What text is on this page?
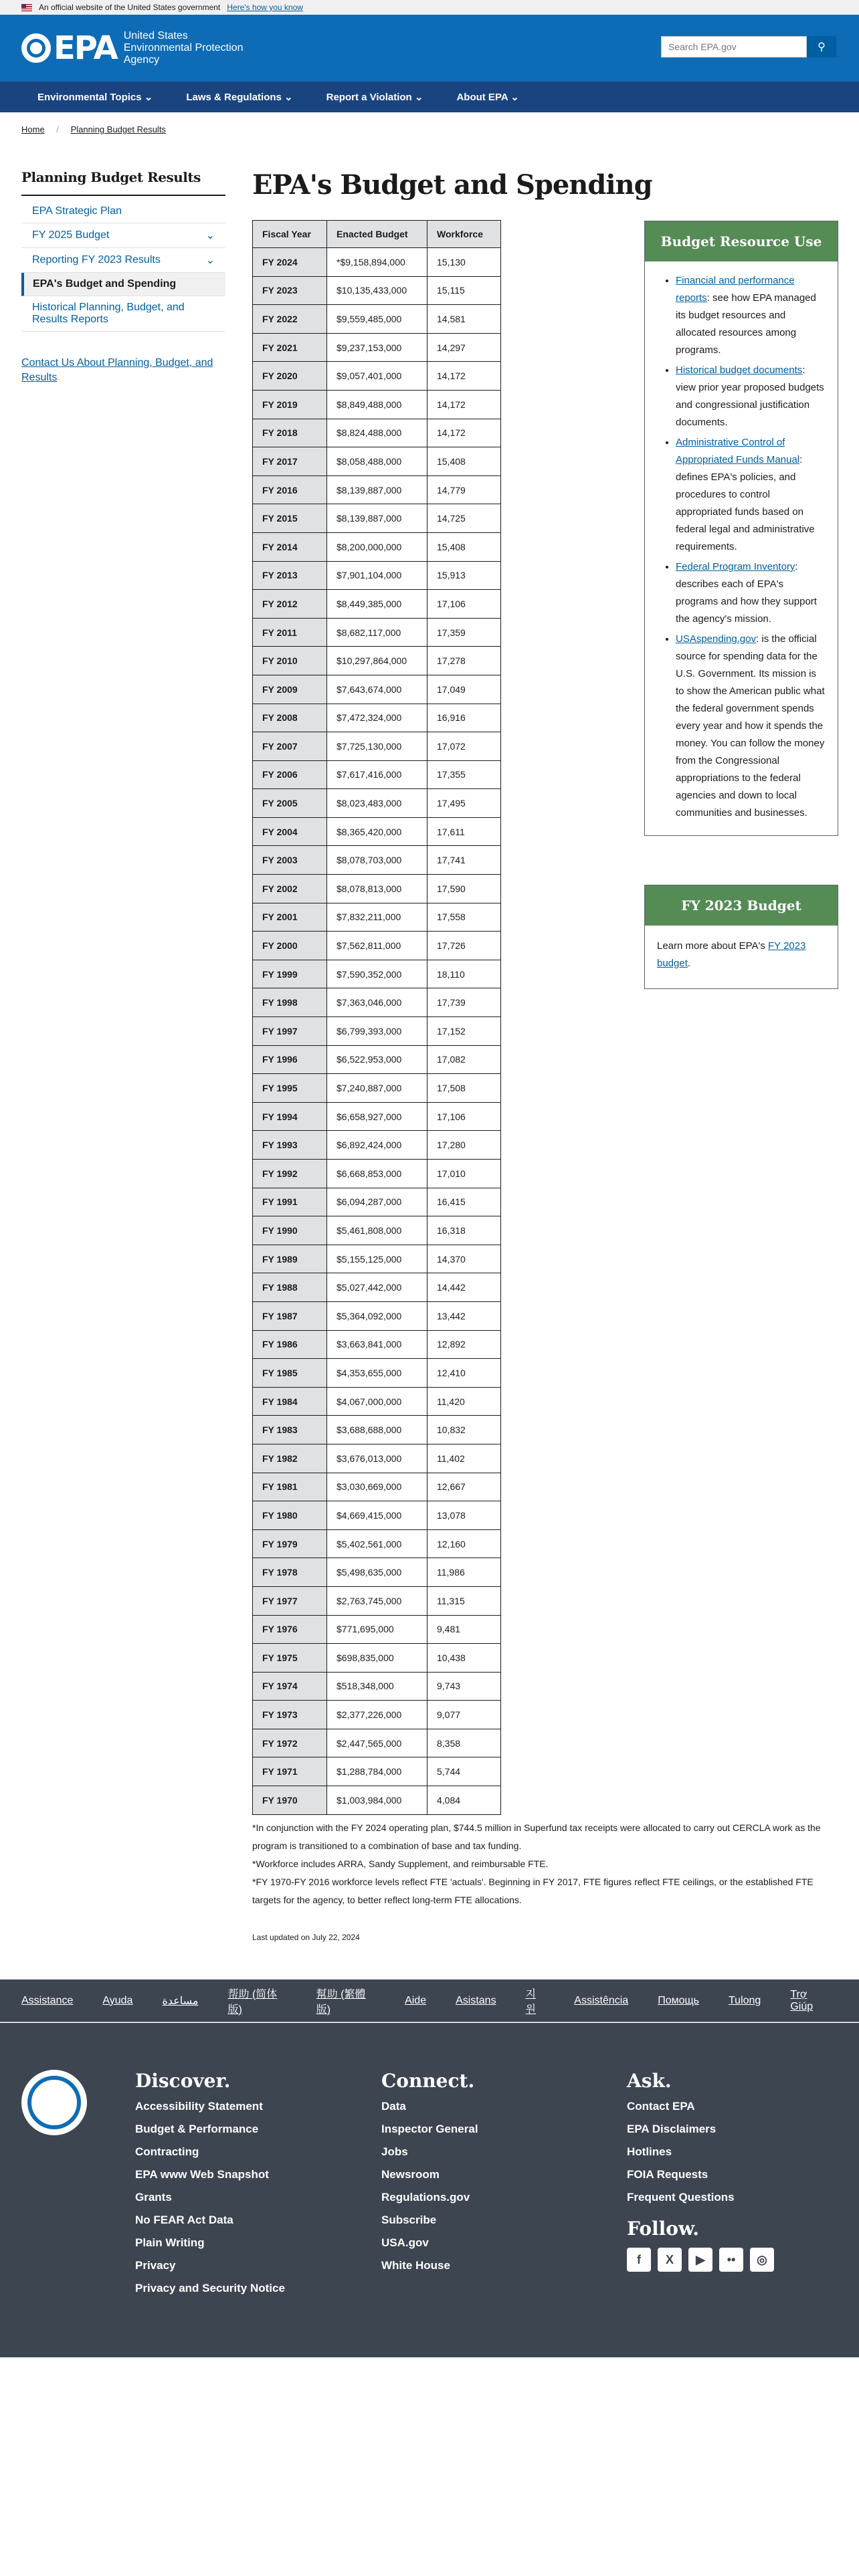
An official website of the United States government Here's how you know
EPA United States
Environmental Protection
Agency
Search EPA.gov
⚲
Environmental Topics ⌄	Laws & Regulations ⌄	Report a Violation ⌄	About EPA ⌄
Home / Planning Budget Results
Planning Budget Results
EPA Strategic Plan
FY 2025 Budget	⌄
Reporting FY 2023 Results	⌄
EPA's Budget and Spending
Historical Planning, Budget, and Results Reports
Contact Us About Planning, Budget, and Results
EPA's Budget and Spending
Fiscal Year	Enacted Budget	Workforce
FY 2024	*$9,158,894,000	15,130
FY 2023	$10,135,433,000	15,115
FY 2022	$9,559,485,000	14,581
FY 2021	$9,237,153,000	14,297
FY 2020	$9,057,401,000	14,172
FY 2019	$8,849,488,000	14,172
FY 2018	$8,824,488,000	14,172
FY 2017	$8,058,488,000	15,408
FY 2016	$8,139,887,000	14,779
FY 2015	$8,139,887,000	14,725
FY 2014	$8,200,000,000	15,408
FY 2013	$7,901,104,000	15,913
FY 2012	$8,449,385,000	17,106
FY 2011	$8,682,117,000	17,359
FY 2010	$10,297,864,000	17,278
FY 2009	$7,643,674,000	17,049
FY 2008	$7,472,324,000	16,916
FY 2007	$7,725,130,000	17,072
FY 2006	$7,617,416,000	17,355
FY 2005	$8,023,483,000	17,495
FY 2004	$8,365,420,000	17,611
FY 2003	$8,078,703,000	17,741
FY 2002	$8,078,813,000	17,590
FY 2001	$7,832,211,000	17,558
FY 2000	$7,562,811,000	17,726
FY 1999	$7,590,352,000	18,110
FY 1998	$7,363,046,000	17,739
FY 1997	$6,799,393,000	17,152
FY 1996	$6,522,953,000	17,082
FY 1995	$7,240,887,000	17,508
FY 1994	$6,658,927,000	17,106
FY 1993	$6,892,424,000	17,280
FY 1992	$6,668,853,000	17,010
FY 1991	$6,094,287,000	16,415
FY 1990	$5,461,808,000	16,318
FY 1989	$5,155,125,000	14,370
FY 1988	$5,027,442,000	14,442
FY 1987	$5,364,092,000	13,442
FY 1986	$3,663,841,000	12,892
FY 1985	$4,353,655,000	12,410
FY 1984	$4,067,000,000	11,420
FY 1983	$3,688,688,000	10,832
FY 1982	$3,676,013,000	11,402
FY 1981	$3,030,669,000	12,667
FY 1980	$4,669,415,000	13,078
FY 1979	$5,402,561,000	12,160
FY 1978	$5,498,635,000	11,986
FY 1977	$2,763,745,000	11,315
FY 1976	$771,695,000	9,481
FY 1975	$698,835,000	10,438
FY 1974	$518,348,000	9,743
FY 1973	$2,377,226,000	9,077
FY 1972	$2,447,565,000	8,358
FY 1971	$1,288,784,000	5,744
FY 1970	$1,003,984,000	4,084
Budget Resource Use
• Financial and performance reports: see how EPA managed its budget resources and allocated resources among programs.
• Historical budget documents: view prior year proposed budgets and congressional justification documents.
• Administrative Control of Appropriated Funds Manual: defines EPA's policies, and procedures to control appropriated funds based on federal legal and administrative requirements.
• Federal Program Inventory: describes each of EPA's programs and how they support the agency's mission.
• USAspending.gov: is the official source for spending data for the U.S. Government. Its mission is to show the American public what the federal government spends every year and how it spends the money. You can follow the money from the Congressional appropriations to the federal agencies and down to local communities and businesses.
FY 2023 Budget

Learn more about EPA's FY 2023 budget.

*In conjunction with the FY 2024 operating plan, $744.5 million in Superfund tax receipts were allocated to carry out CERCLA work as the program is transitioned to a combination of base and tax funding.
*Workforce includes ARRA, Sandy Supplement, and reimbursable FTE.
*FY 1970-FY 2016 workforce levels reflect FTE 'actuals'. Beginning in FY 2017, FTE figures reflect FTE ceilings, or the established FTE targets for the agency, to better reflect long-term FTE allocations.
Last updated on July 22, 2024
Assistance	Ayuda	مساعدة
帮助 (简体版)
幫助 (繁體版)
Aide	Asistans
지원
Assistência	Помощь	Tulong
Trợ Giúp
Discover.
Accessibility Statement
Budget & Performance
Contracting
EPA www Web Snapshot
Grants
No FEAR Act Data
Plain Writing
Privacy
Privacy and Security Notice
Connect.
Data
Inspector General
Jobs
Newsroom
Regulations.gov
Subscribe
USA.gov
White House
Ask.
Contact EPA
EPA Disclaimers
Hotlines
FOIA Requests
Frequent Questions
Follow.
f	X	▶	••	◎
